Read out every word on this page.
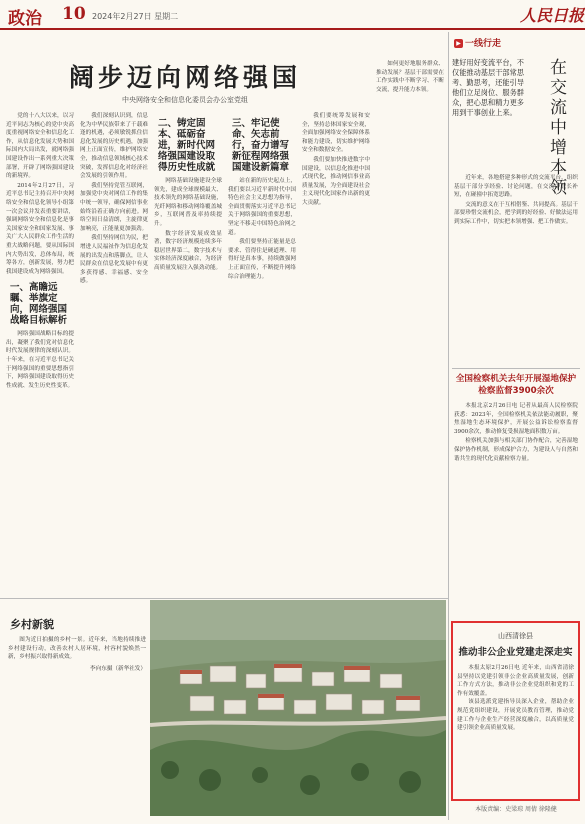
政治 10 2024年2月27日 星期二	人民日报
阔步迈向网络强国
中央网络安全和信息化委员会办公室党组

党的十八大以来，以习近平同志为核心的党中央高度重视网络安全和信息化工作，从信息化发展大势和国际国内大局出发，就网络强国建设作出一系列重大决策部署，开辟了网络强国建设的新境界。

2014年2月27日，习近平总书记主持召开中央网络安全和信息化领导小组第一次会议并发表重要讲话，强调网络安全和信息化是事关国家安全和国家发展、事关广大人民群众工作生活的重大战略问题，要从国际国内大势出发，总体布局，统筹各方，创新发展，努力把我国建设成为网络强国。

一、高瞻远瞩、举旗定向，网络强国战略目标解析

网络强国战略目标的提出，凝聚了我们党对信息化时代发展规律的深刻认识。十年来，在习近平总书记关于网络强国的重要思想指引下，网络强国建设取得历史性成就、发生历史性变革。

我们深刻认识到，信息化为中华民族带来了千载难逢的机遇，必须敏锐抓住信息化发展的历史机遇，加强网上正面宣传，维护网络安全，推动信息领域核心技术突破，发挥信息化对经济社会发展的引领作用。

我们坚持党管互联网，加强党中央对网信工作的集中统一领导，确保网信事业始终沿着正确方向前进。网络空间日益清朗，主旋律更加响亮，正能量更加强劲。

我们坚持网信为民，把增进人民福祉作为信息化发展的出发点和落脚点，让人民群众在信息化发展中有更多获得感、幸福感、安全感。

二、铸定固本、砥砺奋进，新时代网络强国建设取得历史性成就

网络基础设施建设全球领先，建成全球规模最大、技术领先的网络基础设施，光纤网络和移动网络覆盖城乡，互联网普及率持续提升。

数字经济发展成效显著，数字经济规模连续多年稳居世界第二，数字技术与实体经济深度融合，为经济高质量发展注入强劲动能。

三、牢记使命、矢志前行，奋力谱写新征程网络强国建设新篇章

站在新的历史起点上，我们要以习近平新时代中国特色社会主义思想为指导，全面贯彻落实习近平总书记关于网络强国的重要思想，坚定不移走中国特色治网之道。

我们要坚持正能量是总要求、管得住是硬道理、用得好是真本事，持续做强网上正面宣传，不断提升网络综合治理能力。

我们要统筹发展和安全，坚持总体国家安全观，全面加强网络安全保障体系和能力建设，切实维护网络安全和数据安全。

我们要加快推进数字中国建设，以信息化推进中国式现代化，推动网信事业高质量发展，为全面建设社会主义现代化国家作出新的更大贡献。

如何更好地服务群众、推动发展？基层干部需要在工作实践中不断学习、不断交流，提升能力本领。

▶ 一线行走
建好用好变流平台，不仅能推动基层干部常思考、勤思考，还能引导他们立足岗位、服务群众，把心思和精力更多用到干事创业上来。	在交流中增本领

近年来，各地搭建多种形式的交流平台，组织基层干部分享经验、讨论问题，在交流中取长补短，在碰撞中拓宽思路。

交流的意义在于互相借鉴、共同提高。基层干部要珍惜交流机会，把学到的好经验、好做法运用到实际工作中，切实把本领增强、把工作做实。

全国检察机关去年开展湿地保护 检察监督3900余次

本报北京2月26日电 记者从最高人民检察院获悉：2023年，全国检察机关依法能动履职，聚焦湿地生态环境保护，开展公益诉讼检察监督3900余次，推动修复受损湿地面积数万亩。

检察机关加强与相关部门协作配合，完善湿地保护协作机制，形成保护合力，为建设人与自然和谐共生的现代化贡献检察力量。

山西清徐县
推动非公企业党建走深走实

本报太原2月26日电 近年来，山西省清徐县坚持以党建引领非公企业高质量发展，创新工作方式方法，推动非公企业党组织和党的工作有效覆盖。

该县选派党建指导员深入企业，帮助企业规范党组织建设，开展党员教育管理，推动党建工作与企业生产经营深度融合，以高质量党建引领企业高质量发展。

乡村新貌

图为近日拍摄的乡村一景。近年来，当地持续推进乡村建设行动，改善农村人居环境，村容村貌焕然一新，乡村振兴取得新成效。

李向东摄（新华社发）
本版责编：史梁琼 周倩 徐隆健
